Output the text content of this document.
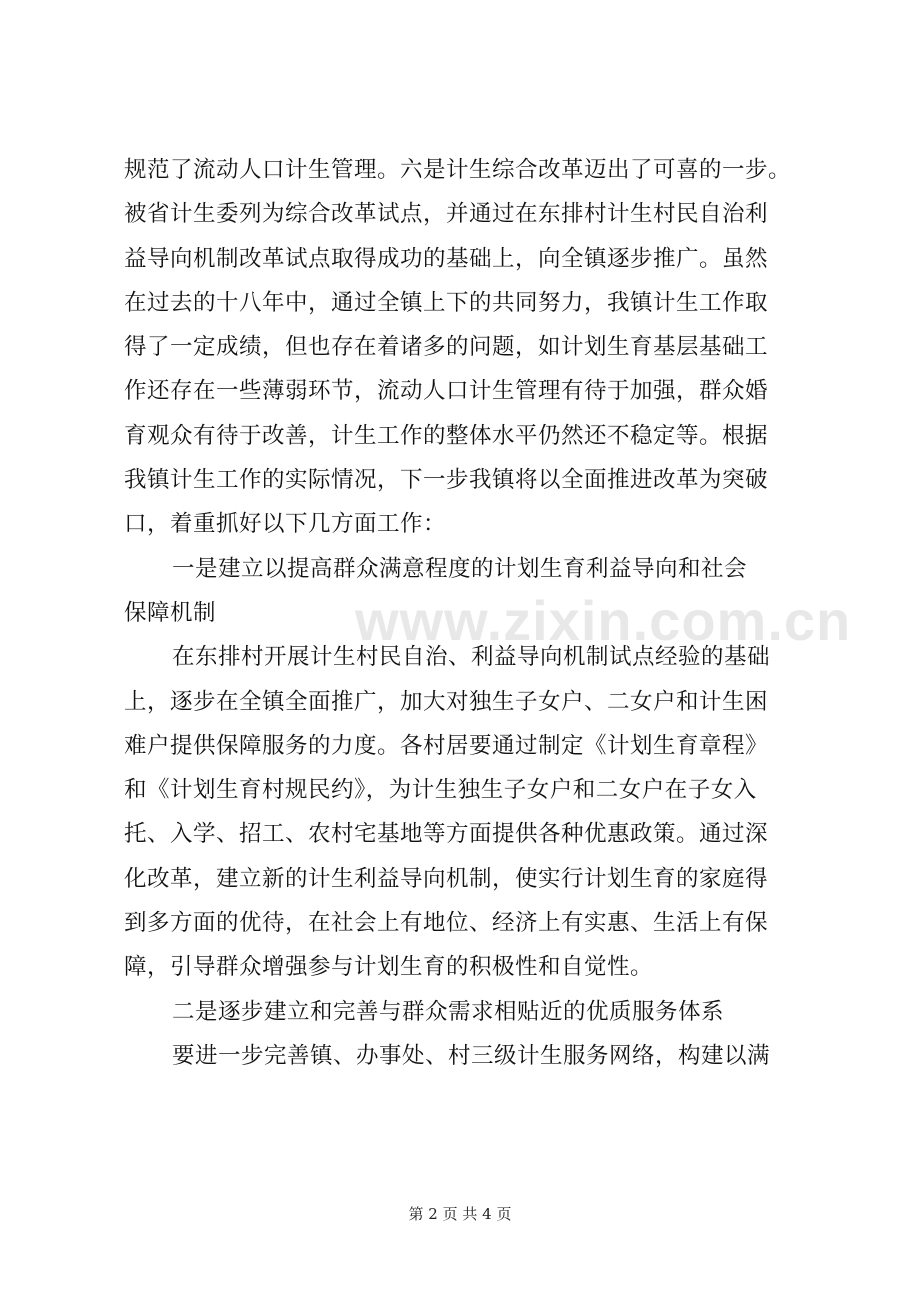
规范了流动人口计生管理。六是计生综合改革迈出了可喜的一步。
被省计生委列为综合改革试点，并通过在东排村计生村民自治利
益导向机制改革试点取得成功的基础上，向全镇逐步推广。虽然
在过去的十八年中，通过全镇上下的共同努力，我镇计生工作取
得了一定成绩，但也存在着诸多的问题，如计划生育基层基础工
作还存在一些薄弱环节，流动人口计生管理有待于加强，群众婚
育观众有待于改善，计生工作的整体水平仍然还不稳定等。根据
我镇计生工作的实际情况，下一步我镇将以全面推进改革为突破
口，着重抓好以下几方面工作：
一是建立以提高群众满意程度的计划生育利益导向和社会
保障机制
在东排村开展计生村民自治、利益导向机制试点经验的基础
上，逐步在全镇全面推广，加大对独生子女户、二女户和计生困
难户提供保障服务的力度。各村居要通过制定《计划生育章程》
和《计划生育村规民约》，为计生独生子女户和二女户在子女入
托、入学、招工、农村宅基地等方面提供各种优惠政策。通过深
化改革，建立新的计生利益导向机制，使实行计划生育的家庭得
到多方面的优待，在社会上有地位、经济上有实惠、生活上有保
障，引导群众增强参与计划生育的积极性和自觉性。
二是逐步建立和完善与群众需求相贴近的优质服务体系
要进一步完善镇、办事处、村三级计生服务网络，构建以满
www.zixin.com.cn
第 2 页 共 4 页
